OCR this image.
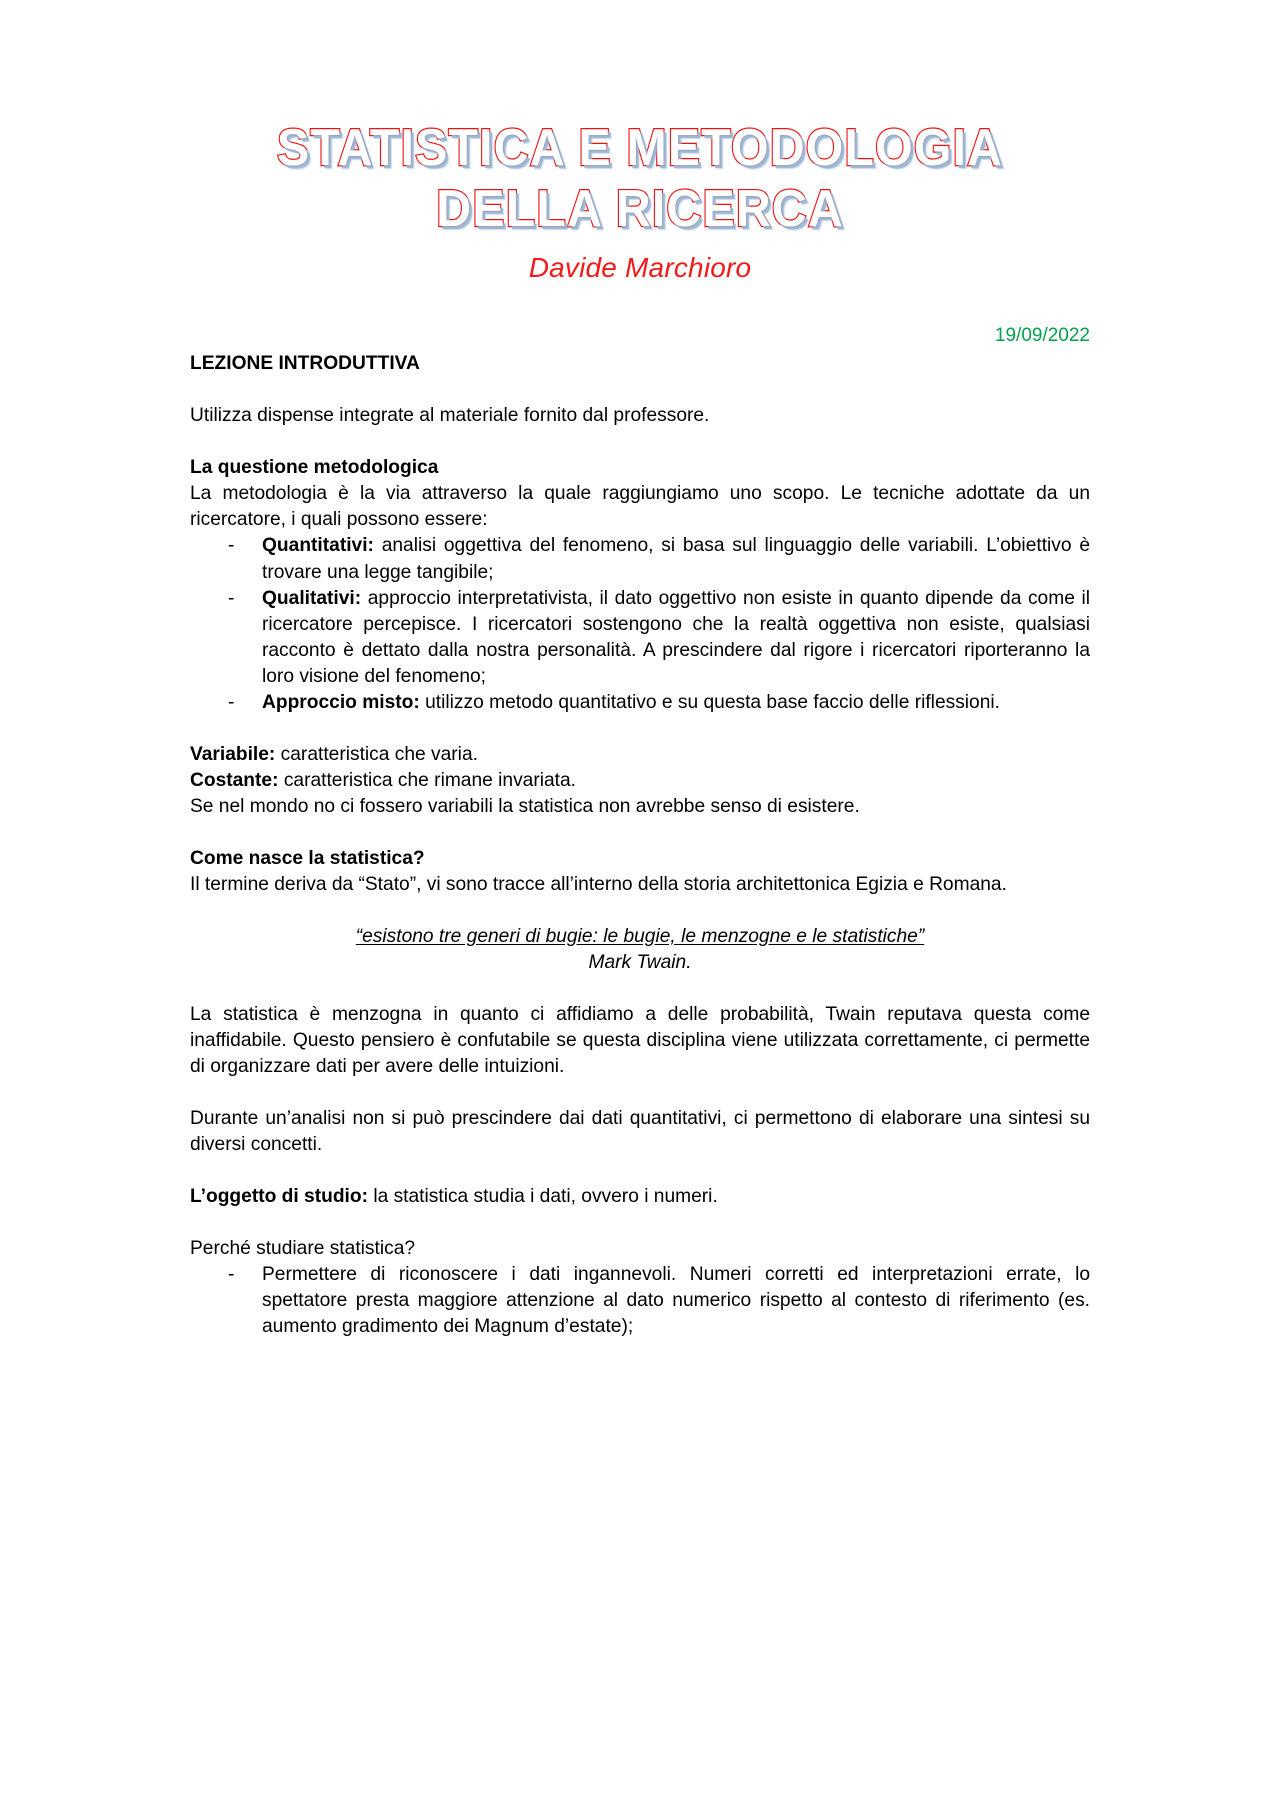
STATISTICA E METODOLOGIA
DELLA RICERCA
Davide Marchioro

19/09/2022

LEZIONE INTRODUTTIVA

Utilizza dispense integrate al materiale fornito dal professore.

La questione metodologica

La metodologia è la via attraverso la quale raggiungiamo uno scopo. Le tecniche adottate da un ricercatore, i quali possono essere:

- Quantitativi: analisi oggettiva del fenomeno, si basa sul linguaggio delle variabili. L’obiettivo è trovare una legge tangibile;
- Qualitativi: approccio interpretativista, il dato oggettivo non esiste in quanto dipende da come il ricercatore percepisce. I ricercatori sostengono che la realtà oggettiva non esiste, qualsiasi racconto è dettato dalla nostra personalità. A prescindere dal rigore i ricercatori riporteranno la loro visione del fenomeno;
- Approccio misto: utilizzo metodo quantitativo e su questa base faccio delle riflessioni.

Variabile: caratteristica che varia.

Costante: caratteristica che rimane invariata.

Se nel mondo no ci fossero variabili la statistica non avrebbe senso di esistere.

Come nasce la statistica?

Il termine deriva da “Stato”, vi sono tracce all’interno della storia architettonica Egizia e Romana.

“esistono tre generi di bugie: le bugie, le menzogne e le statistiche”

Mark Twain.

La statistica è menzogna in quanto ci affidiamo a delle probabilità, Twain reputava questa come inaffidabile. Questo pensiero è confutabile se questa disciplina viene utilizzata correttamente, ci permette di organizzare dati per avere delle intuizioni.

Durante un’analisi non si può prescindere dai dati quantitativi, ci permettono di elaborare una sintesi su diversi concetti.

L’oggetto di studio: la statistica studia i dati, ovvero i numeri.

Perché studiare statistica?

- Permettere di riconoscere i dati ingannevoli. Numeri corretti ed interpretazioni errate, lo spettatore presta maggiore attenzione al dato numerico rispetto al contesto di riferimento (es. aumento gradimento dei Magnum d’estate);
